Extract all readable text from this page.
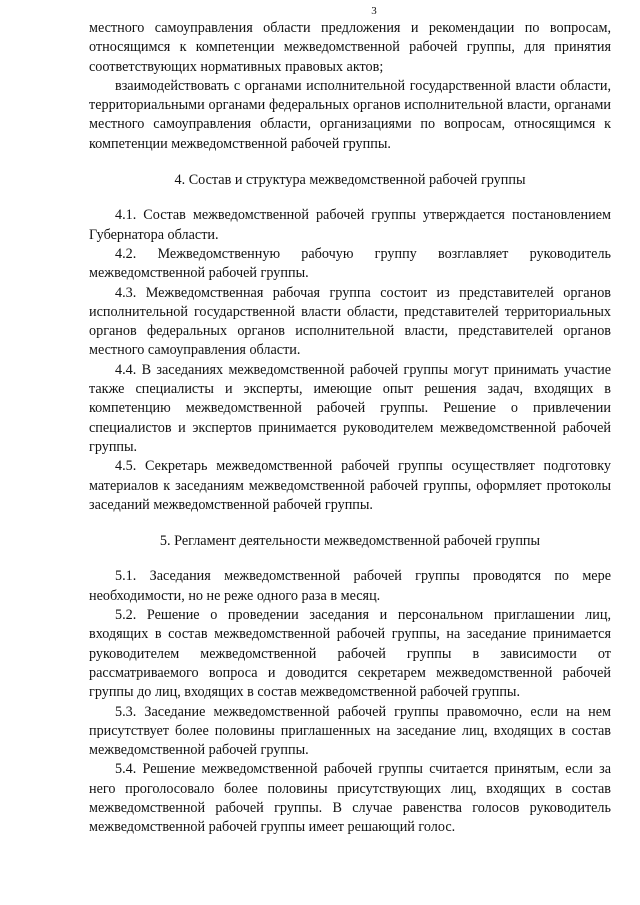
3

местного самоуправления области предложения и рекомендации по вопросам, относящимся к компетенции межведомственной рабочей группы, для принятия соответствующих нормативных правовых актов;

взаимодействовать с органами исполнительной государственной власти области, территориальными органами федеральных органов исполнительной власти, органами местного самоуправления области, организациями по вопросам, относящимся к компетенции межведомственной рабочей группы.

4. Состав и структура межведомственной рабочей группы

4.1. Состав межведомственной рабочей группы утверждается постановлением Губернатора области.

4.2. Межведомственную рабочую группу возглавляет руководитель межведомственной рабочей группы.

4.3. Межведомственная рабочая группа состоит из представителей органов исполнительной государственной власти области, представителей территориальных органов федеральных органов исполнительной власти, представителей органов местного самоуправления области.

4.4. В заседаниях межведомственной рабочей группы могут принимать участие также специалисты и эксперты, имеющие опыт решения задач, входящих в компетенцию межведомственной рабочей группы. Решение о привлечении специалистов и экспертов принимается руководителем межведомственной рабочей группы.

4.5. Секретарь межведомственной рабочей группы осуществляет подготовку материалов к заседаниям межведомственной рабочей группы, оформляет протоколы заседаний межведомственной рабочей группы.

5. Регламент деятельности межведомственной рабочей группы

5.1. Заседания межведомственной рабочей группы проводятся по мере необходимости, но не реже одного раза в месяц.

5.2. Решение о проведении заседания и персональном приглашении лиц, входящих в состав межведомственной рабочей группы, на заседание принимается руководителем межведомственной рабочей группы в зависимости от рассматриваемого вопроса и доводится секретарем межведомственной рабочей группы до лиц, входящих в состав межведомственной рабочей группы.

5.3. Заседание межведомственной рабочей группы правомочно, если на нем присутствует более половины приглашенных на заседание лиц, входящих в состав межведомственной рабочей группы.

5.4. Решение межведомственной рабочей группы считается принятым, если за него проголосовало более половины присутствующих лиц, входящих в состав межведомственной рабочей группы. В случае равенства голосов руководитель межведомственной рабочей группы имеет решающий голос.
